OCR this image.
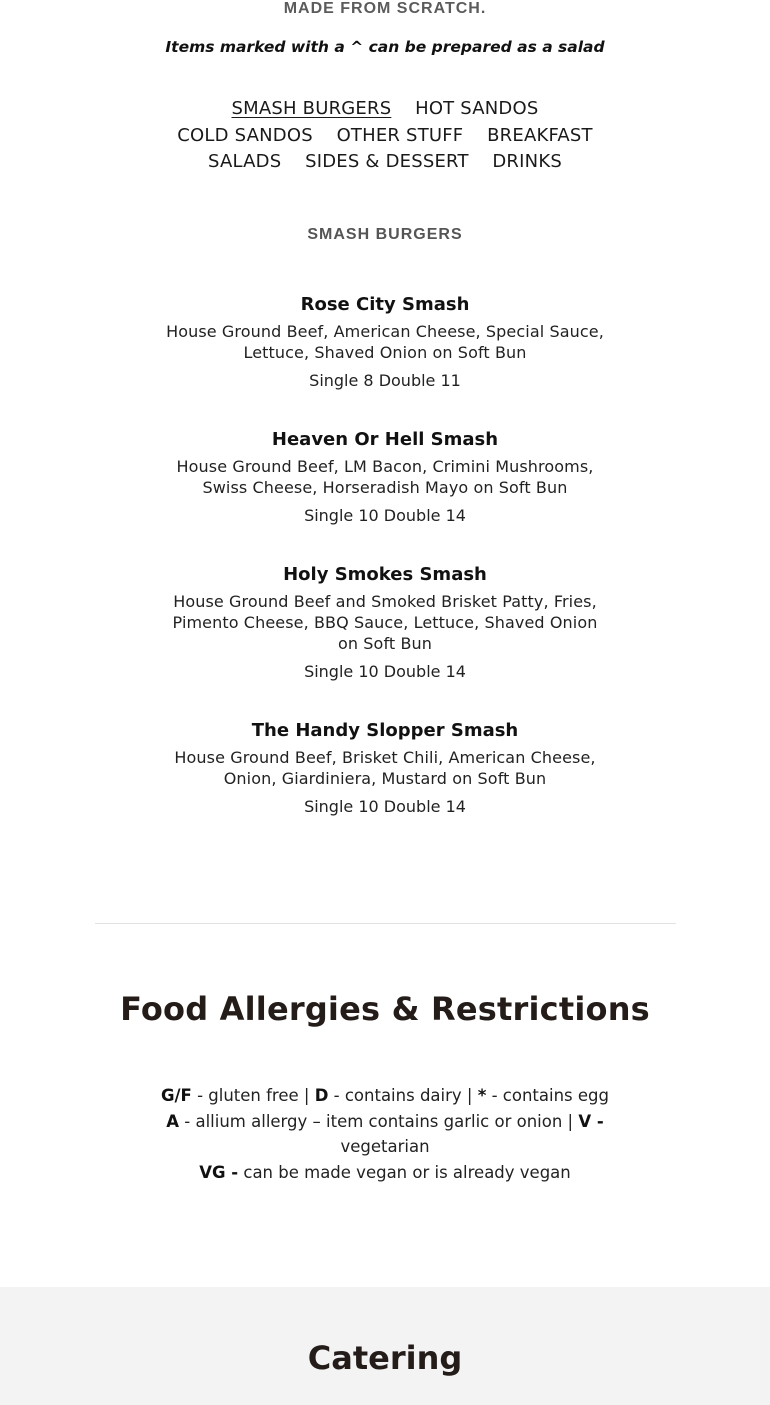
MADE FROM SCRATCH.
Items marked with a ^ can be prepared as a salad
SMASH BURGERS HOT SANDOS
COLD SANDOS OTHER STUFF BREAKFAST
SALADS SIDES & DESSERT DRINKS
SMASH BURGERS
Rose City Smash
House Ground Beef, American Cheese, Special Sauce, Lettuce, Shaved Onion on Soft Bun
Single 8 Double 11
Heaven Or Hell Smash
House Ground Beef, LM Bacon, Crimini Mushrooms, Swiss Cheese, Horseradish Mayo on Soft Bun
Single 10 Double 14
Holy Smokes Smash
House Ground Beef and Smoked Brisket Patty, Fries, Pimento Cheese, BBQ Sauce, Lettuce, Shaved Onion on Soft Bun
Single 10 Double 14
The Handy Slopper Smash
House Ground Beef, Brisket Chili, American Cheese, Onion, Giardiniera, Mustard on Soft Bun
Single 10 Double 14
Food Allergies & Restrictions
G/F - gluten free | D - contains dairy | * - contains egg
A - allium allergy – item contains garlic or onion | V - vegetarian
VG - can be made vegan or is already vegan
Catering
